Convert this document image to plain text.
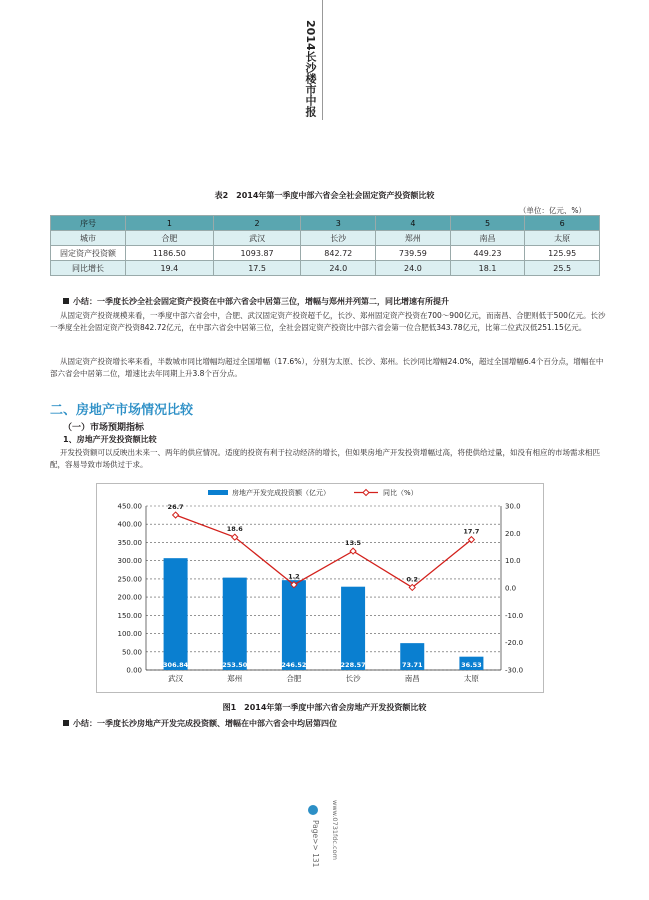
2014长沙楼市中报
表2　2014年第一季度中部六省会全社会固定资产投资额比较
（单位：亿元、%）
序号	1	2	3	4	5	6
城市	合肥	武汉	长沙	郑州	南昌	太原
固定资产投资额	1186.50	1093.87	842.72	739.59	449.23	125.95
同比增长	19.4	17.5	24.0	24.0	18.1	25.5
小结：一季度长沙全社会固定资产投资在中部六省会中居第三位，增幅与郑州并列第二，同比增速有所提升
从固定资产投资规模来看，一季度中部六省会中，合肥、武汉固定资产投资超千亿，长沙、郑州固定资产投资在700～900亿元，而南昌、合肥则低于500亿元。长沙一季度全社会固定资产投资842.72亿元，在中部六省会中居第三位，全社会固定资产投资比中部六省会第一位合肥低343.78亿元，比第二位武汉低251.15亿元。
从固定资产投资增长率来看，半数城市同比增幅均超过全国增幅（17.6%），分别为太原、长沙、郑州。长沙同比增幅24.0%，超过全国增幅6.4个百分点，增幅在中部六省会中居第二位，增速比去年同期上升3.8个百分点。
二、房地产市场情况比较
（一）市场预期指标
1、房地产开发投资额比较
开发投资额可以反映出未来一、两年的供应情况。适度的投资有利于拉动经济的增长，但如果房地产开发投资增幅过高，将使供给过量，如没有相应的市场需求相匹配，容易导致市场供过于求。
0.00
50.00
100.00
150.00
200.00
250.00
300.00
350.00
400.00
450.00
-30.0
-20.0
-10.0
0.0
10.0
20.0
30.0
306.84	253.50	246.52	228.57	73.71	36.53
26.7
18.6
1.2
13.5
0.2
17.7
武汉	郑州	合肥	长沙	南昌	太原
房地产开发完成投资额（亿元）	同比（%）
图1　2014年第一季度中部六省会房地产开发投资额比较
小结：一季度长沙房地产开发完成投资额、增幅在中部六省会中均居第四位
Page>> 131	www.0731fdc.com
